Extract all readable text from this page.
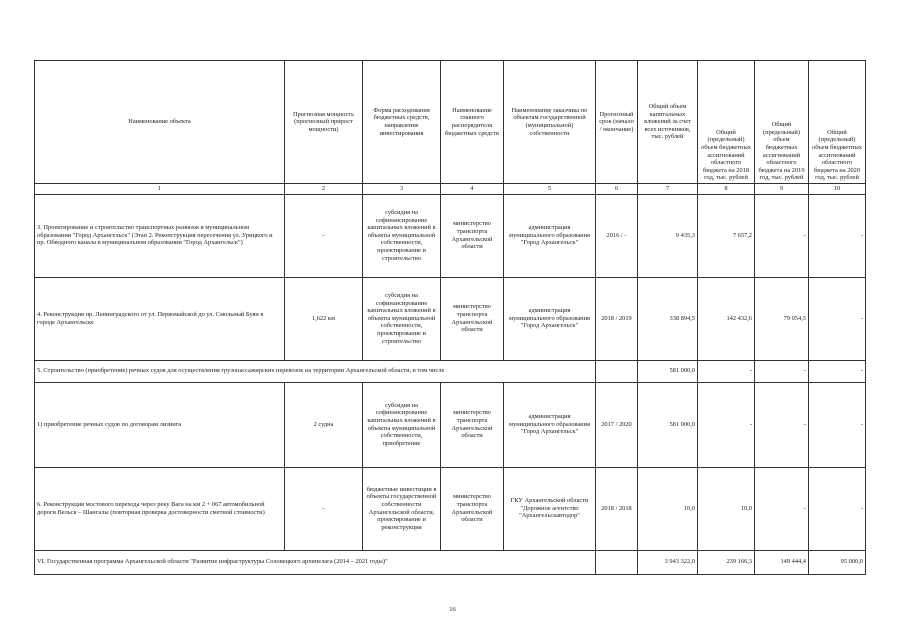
Наименование объекта	Прогнозная мощность (прогнозный прирост мощности)	Форма расходования бюджетных средств, направление инвестирования	Наименование главного распорядителя бюджетных средств	Наименование заказчика по объектам государственной (муниципальной) собственности	Прогнозный срок (начало / окончание)	Общий объем капитальных вложений за счет всех источников, тыс. рублей	Общий (предельный) объем бюджетных ассигнований областного бюджета на 2018 год, тыс. рублей	Общий (предельный) объем бюджетных ассигнований областного бюджета на 2019 год, тыс. рублей	Общий (предельный) объем бюджетных ассигнований областного бюджета на 2020 год, тыс. рублей
1	2	3	4	5	6	7	8	9	10
3. Проектирование и строительство транспортных развязок в муниципальном образовании "Город Архангельск" (Этап 2. Реконструкция пересечения ул. Урицкого и пр. Обводного канала в муниципальном образовании "Город Архангельск")	-	субсидия на софинансирование капитальных вложений в объекты муниципальной собственности, проектирование и строительство	министерство транспорта Архангельской области	администрация муниципального образования "Город Архангельск"	2016 / -	9 435,3	7 657,2	-	-
4. Реконструкция пр. Ленинградского от ул. Первомайской до ул. Смольный Буян в городе Архангельске	1,622 км	субсидия на софинансирование капитальных вложений в объекты муниципальной собственности, проектирование и строительство	министерство транспорта Архангельской области	администрация муниципального образования "Город Архангельск"	2018 / 2019	338 894,5	142 432,6	79 054,5	-
5. Строительство (приобретение) речных судов для осуществления грузопассажирских перевозок на территории Архангельской области, в том числе						581 000,0	-	-	-
1) приобретение речных судов по договорам лизинга	2 судна	субсидия на софинансирование капитальных вложений в объекты муниципальной собственности, приобретение	министерство транспорта Архангельской области	администрация муниципального образования "Город Архангельск"	2017 / 2020	581 000,0	-	-	-
6. Реконструкция мостового перехода через реку Вага на км 2 + 067 автомобильной дороги Вельск – Шангалы (повторная проверка достоверности сметной стоимости)	-	бюджетные инвестиции в объекты государственной собственности Архангельской области, проектирование и реконструкция	министерство транспорта Архангельской области	ГКУ Архангельской области "Дорожное агентство "Архангельскавтодор"	2018 / 2018	10,0	10,0	-	-
VI. Государственная программа Архангельской области "Развитие инфраструктуры Соловецкого архипелага (2014 – 2021 годы)"						3 943 322,0	239 166,3	149 444,4	95 000,0
16
